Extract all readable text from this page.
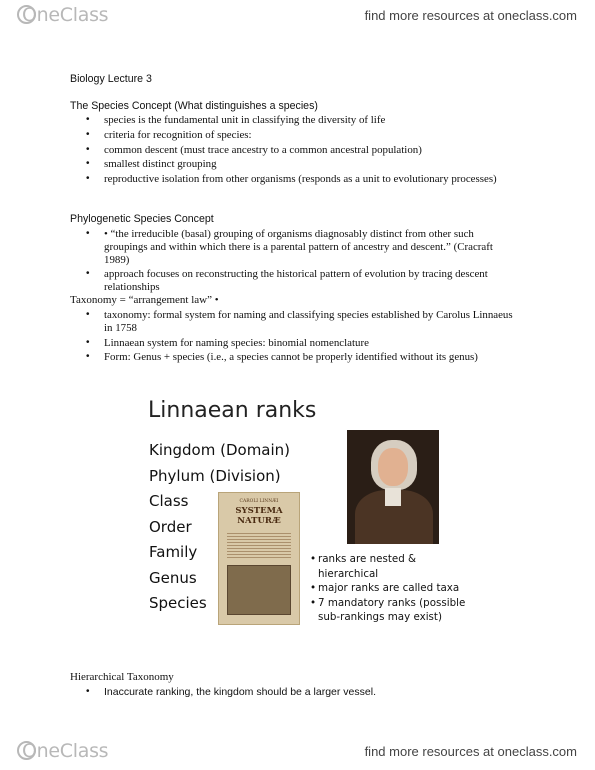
OneClass	find more resources at oneclass.com
Biology Lecture 3
The Species Concept (What distinguishes a species)
• species is the fundamental unit in classifying the diversity of life
• criteria for recognition of species:
• common descent (must trace ancestry to a common ancestral population)
• smallest distinct grouping
• reproductive isolation from other organisms (responds as a unit to evolutionary processes)
Phylogenetic Species Concept
• • “the irreducible (basal) grouping of organisms diagnosably distinct from other such groupings and within which there is a parental pattern of ancestry and descent.” (Cracraft 1989)
• approach focuses on reconstructing the historical pattern of evolution by tracing descent relationships
Taxonomy = “arrangement law” •
• taxonomy: formal system for naming and classifying species established by Carolus Linnaeus in 1758
• Linnaean system for naming species: binomial nomenclature
• Form: Genus + species (i.e., a species cannot be properly identified without its genus)
Linnaean ranks
Kingdom (Domain)
Phylum (Division)
Class
Order
Family
Genus
Species
CAROLI LINNÆI
SYSTEMA NATURÆ
• ranks are nested & hierarchical
• major ranks are called taxa
• 7 mandatory ranks (possible sub-rankings may exist)
Hierarchical Taxonomy
• Inaccurate ranking, the kingdom should be a larger vessel.
OneClass	find more resources at oneclass.com
